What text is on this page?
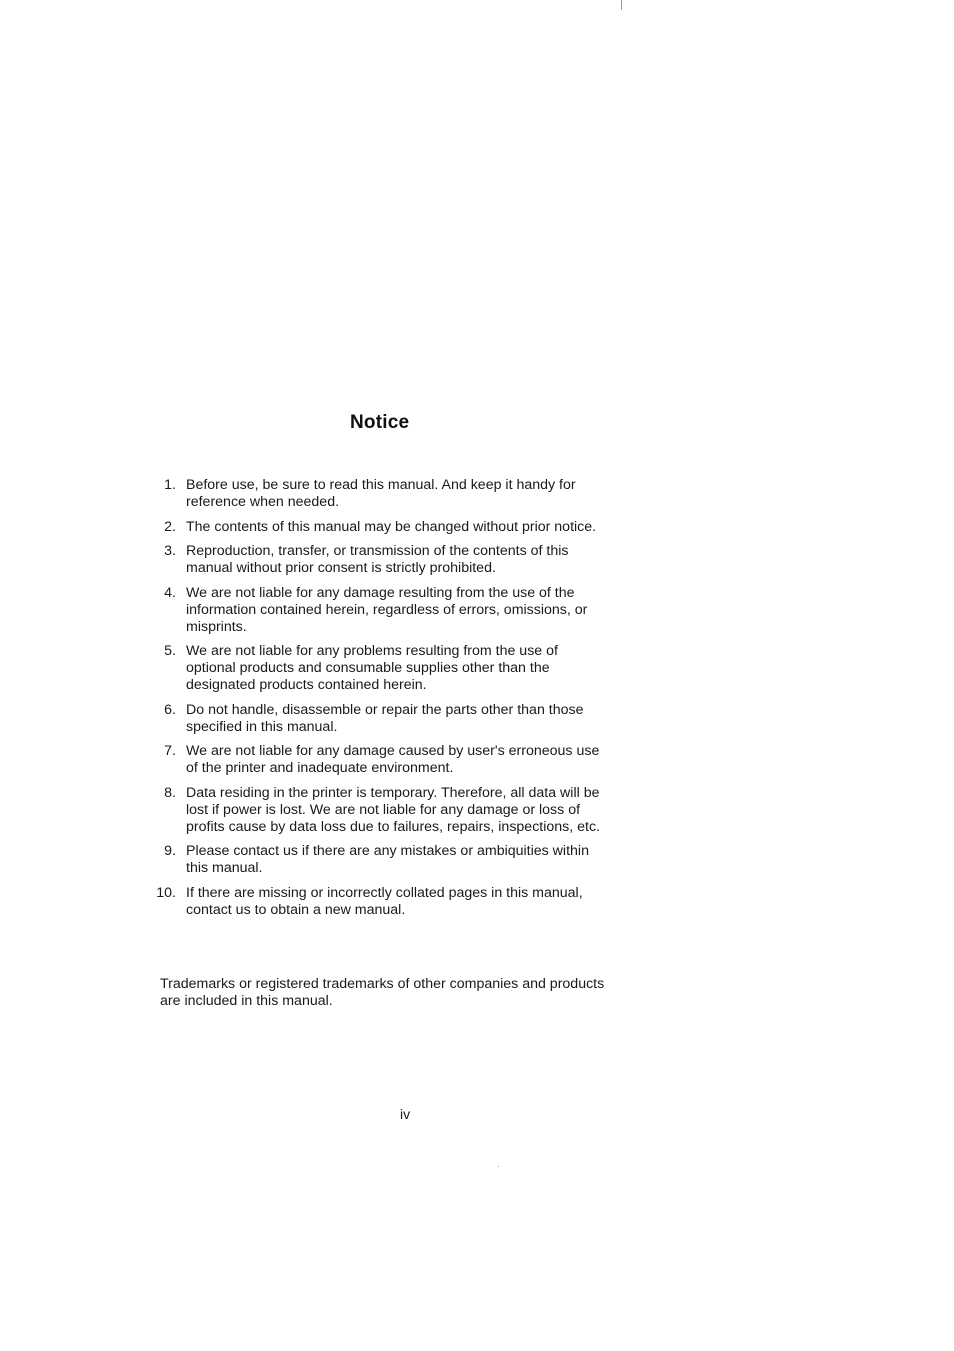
Notice
1. Before use, be sure to read this manual. And keep it handy for
reference when needed.
2. The contents of this manual may be changed without prior notice.
3. Reproduction, transfer, or transmission of the contents of this
manual without prior consent is strictly prohibited.
4. We are not liable for any damage resulting from the use of the
information contained herein, regardless of errors, omissions, or
misprints.
5. We are not liable for any problems resulting from the use of
optional products and consumable supplies other than the
designated products contained herein.
6. Do not handle, disassemble or repair the parts other than those
specified in this manual.
7. We are not liable for any damage caused by user's erroneous use
of the printer and inadequate environment.
8. Data residing in the printer is temporary. Therefore, all data will be
lost if power is lost. We are not liable for any damage or loss of
profits cause by data loss due to failures, repairs, inspections, etc.
9. Please contact us if there are any mistakes or ambiquities within
this manual.
10. If there are missing or incorrectly collated pages in this manual,
contact us to obtain a new manual.

Trademarks or registered trademarks of other companies and products
are included in this manual.

iv
